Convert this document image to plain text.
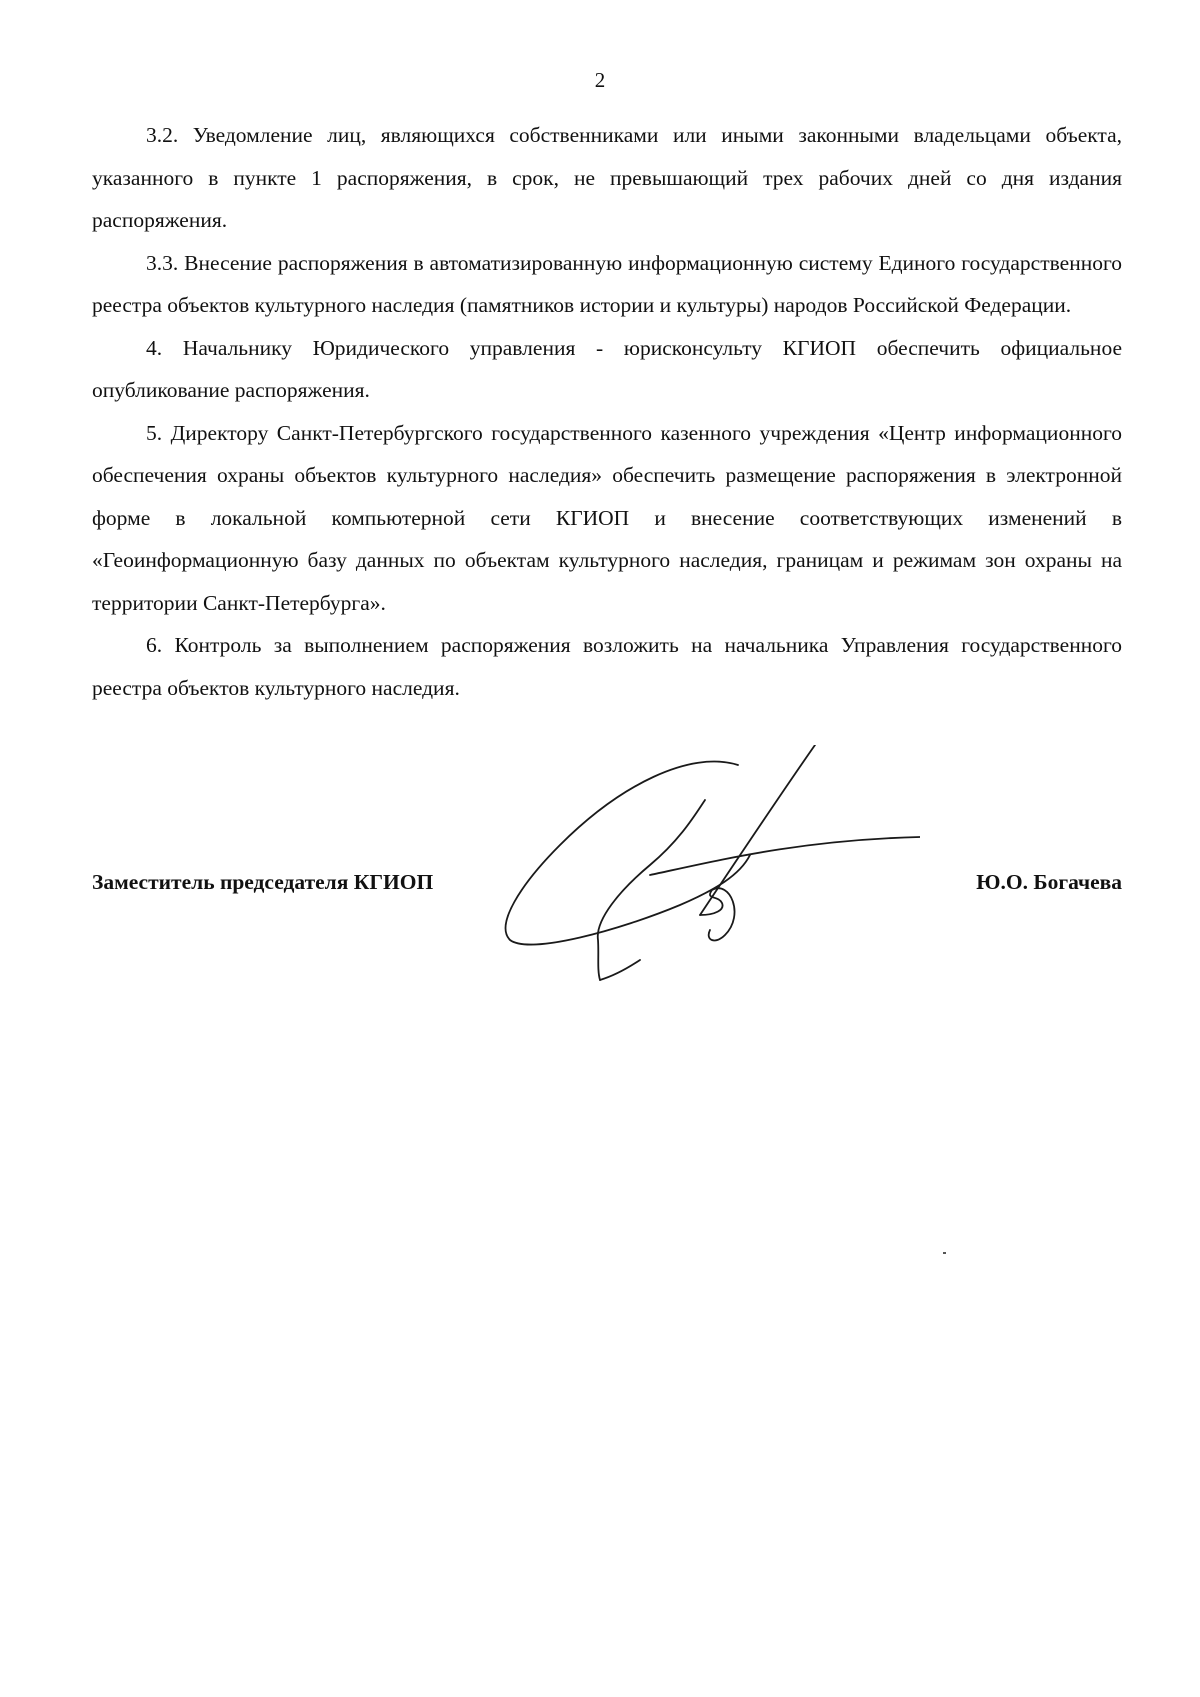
2

3.2. Уведомление лиц, являющихся собственниками или иными законными владельцами объекта, указанного в пункте 1 распоряжения, в срок, не превышающий трех рабочих дней со дня издания распоряжения.

3.3. Внесение распоряжения в автоматизированную информационную систему Единого государственного реестра объектов культурного наследия (памятников истории и культуры) народов Российской Федерации.

4. Начальнику Юридического управления - юрисконсульту КГИОП обеспечить официальное опубликование распоряжения.

5. Директору Санкт-Петербургского государственного казенного учреждения «Центр информационного обеспечения охраны объектов культурного наследия» обеспечить размещение распоряжения в электронной форме в локальной компьютерной сети КГИОП и внесение соответствующих изменений в «Геоинформационную базу данных по объектам культурного наследия, границам и режимам зон охраны на территории Санкт-Петербурга».

6. Контроль за выполнением распоряжения возложить на начальника Управления государственного реестра объектов культурного наследия.

Заместитель председателя КГИОП	Ю.О. Богачева
